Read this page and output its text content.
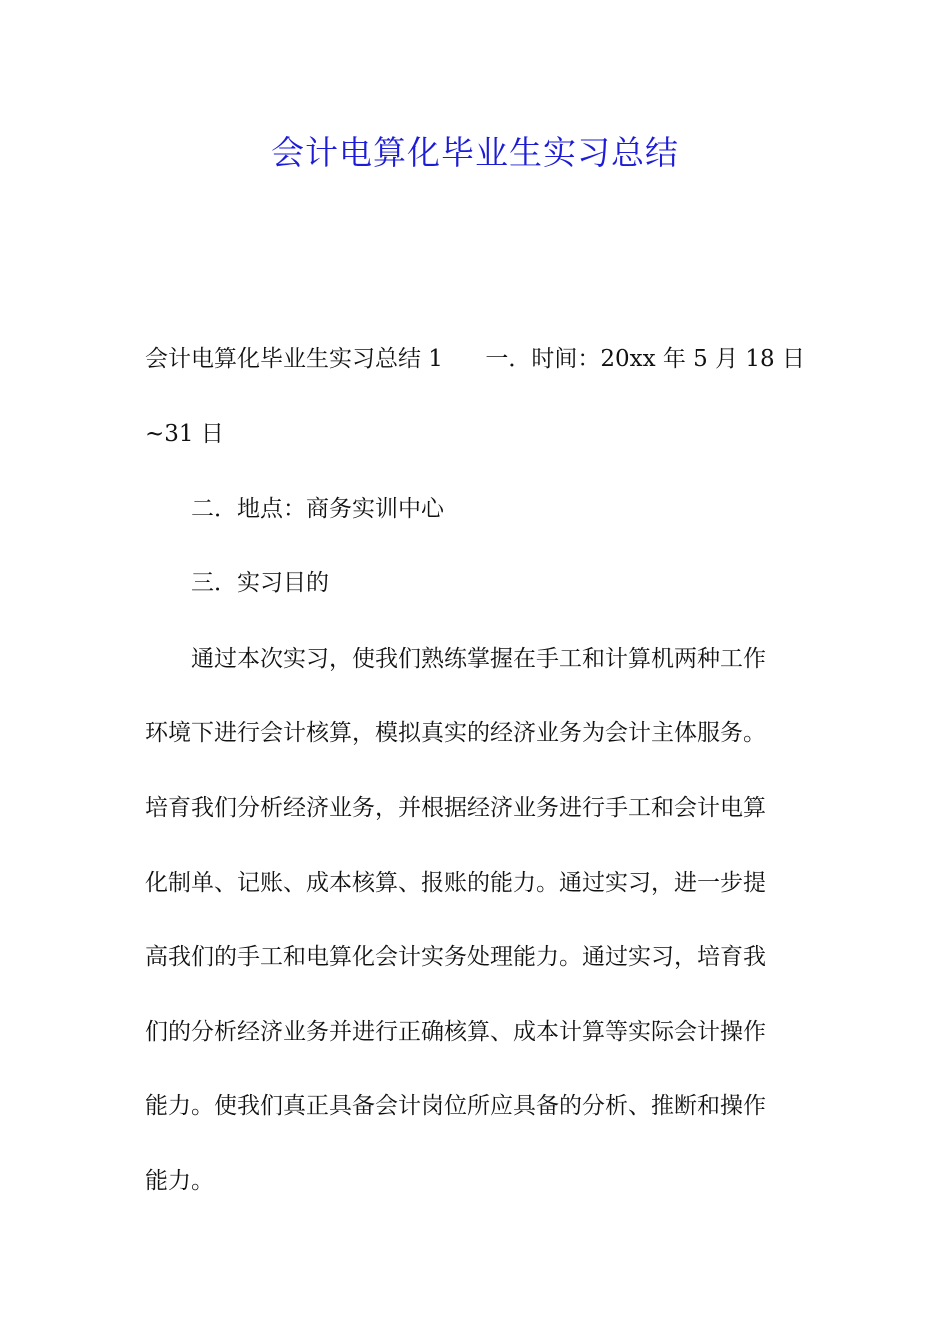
会计电算化毕业生实习总结
会计电算化毕业生实习总结 1 一．时间：20xx 年 5 月 18 日
~31 日
二．地点：商务实训中心
三．实习目的
通过本次实习，使我们熟练掌握在手工和计算机两种工作
环境下进行会计核算，模拟真实的经济业务为会计主体服务。
培育我们分析经济业务，并根据经济业务进行手工和会计电算
化制单、记账、成本核算、报账的能力。通过实习，进一步提
高我们的手工和电算化会计实务处理能力。通过实习，培育我
们的分析经济业务并进行正确核算、成本计算等实际会计操作
能力。使我们真正具备会计岗位所应具备的分析、推断和操作
能力。
